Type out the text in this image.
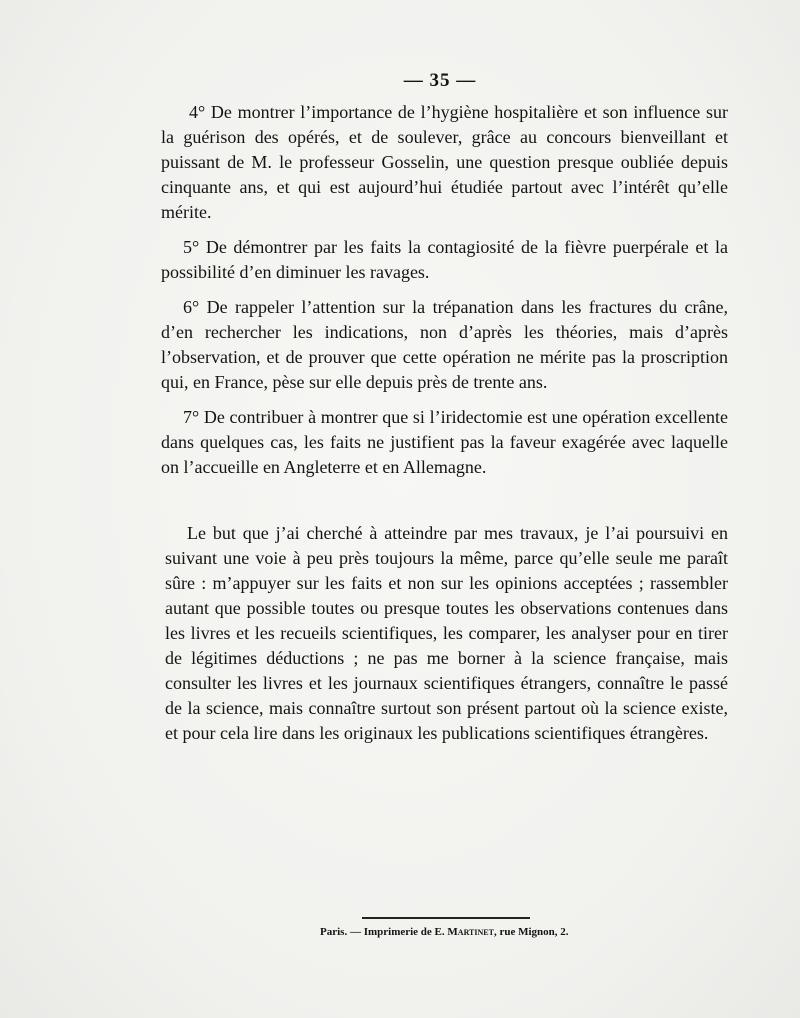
— 35 —

4° De montrer l’importance de l’hygiène hospitalière et son influence sur la guérison des opérés, et de soulever, grâce au concours bienveillant et puissant de M. le professeur Gosselin, une question presque oubliée depuis cinquante ans, et qui est aujourd’hui étudiée partout avec l’intérêt qu’elle mérite.

5° De démontrer par les faits la contagiosité de la fièvre puerpérale et la possibilité d’en diminuer les ravages.

6° De rappeler l’attention sur la trépanation dans les fractures du crâne, d’en rechercher les indications, non d’après les théories, mais d’après l’observation, et de prouver que cette opération ne mérite pas la proscription qui, en France, pèse sur elle depuis près de trente ans.

7° De contribuer à montrer que si l’iridectomie est une opération excellente dans quelques cas, les faits ne justifient pas la faveur exagérée avec laquelle on l’accueille en Angleterre et en Allemagne.

Le but que j’ai cherché à atteindre par mes travaux, je l’ai poursuivi en suivant une voie à peu près toujours la même, parce qu’elle seule me paraît sûre : m’appuyer sur les faits et non sur les opinions acceptées ; rassembler autant que possible toutes ou presque toutes les observations contenues dans les livres et les recueils scientifiques, les comparer, les analyser pour en tirer de légitimes déductions ; ne pas me borner à la science française, mais consulter les livres et les journaux scientifiques étrangers, connaître le passé de la science, mais connaître surtout son présent partout où la science existe, et pour cela lire dans les originaux les publications scientifiques étrangères.

Paris. — Imprimerie de E. Martinet, rue Mignon, 2.
